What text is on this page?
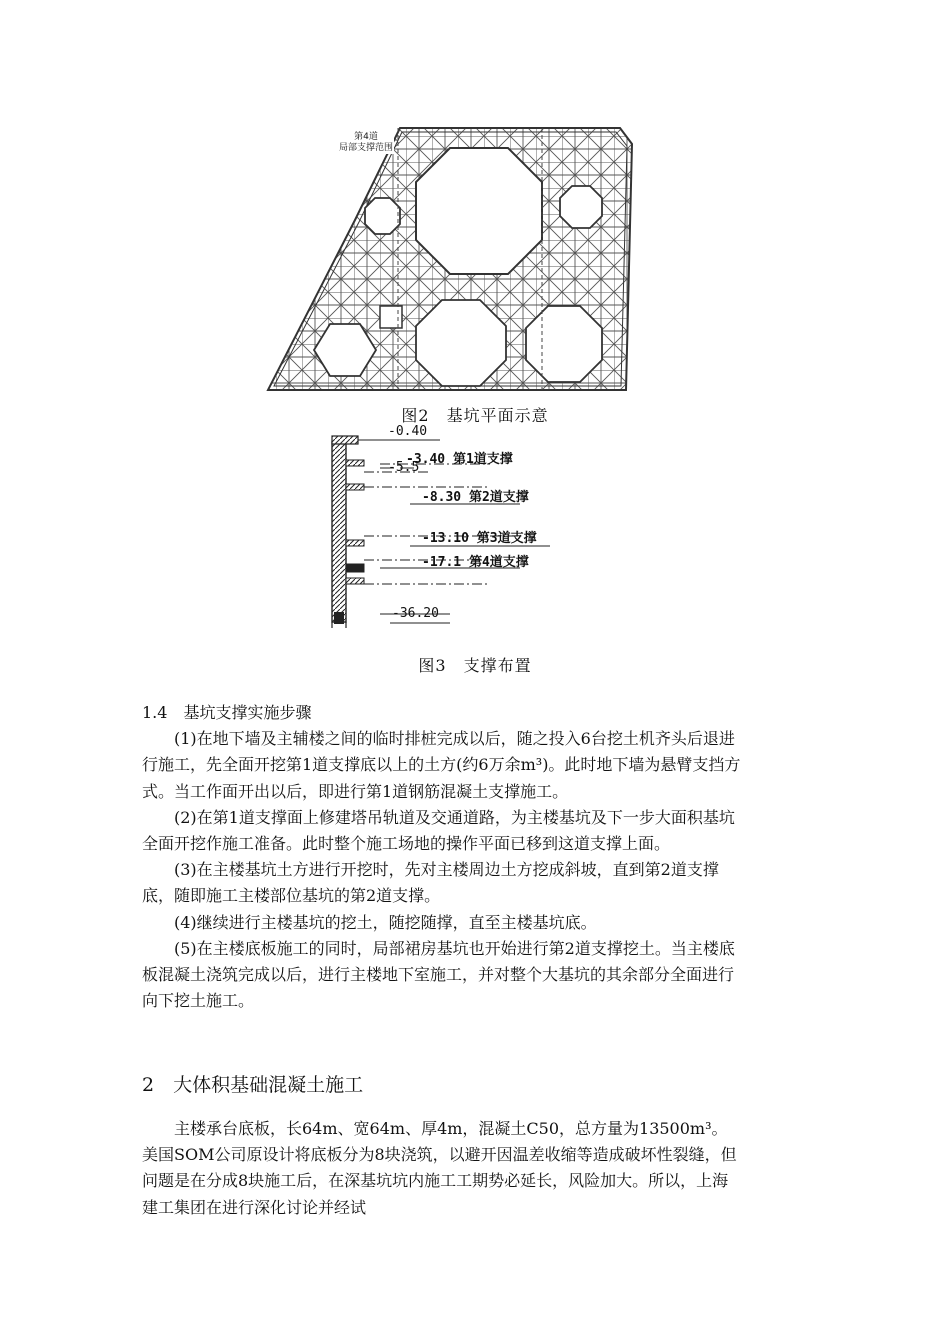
第4道
局部支撑范围
图2　基坑平面示意
-0.40
-3.40 第1道支撑
-5.5
-8.30 第2道支撑
-13.10 第3道支撑
-17.1 第4道支撑
-36.20
图3　支撑布置

1.4　基坑支撑实施步骤

(1)在地下墙及主辅楼之间的临时排桩完成以后，随之投入6台挖土机齐头后退进行施工，先全面开挖第1道支撑底以上的土方(约6万余m³)。此时地下墙为悬臂支挡方式。当工作面开出以后，即进行第1道钢筋混凝土支撑施工。

(2)在第1道支撑面上修建塔吊轨道及交通道路，为主楼基坑及下一步大面积基坑全面开挖作施工准备。此时整个施工场地的操作平面已移到这道支撑上面。

(3)在主楼基坑土方进行开挖时，先对主楼周边土方挖成斜坡，直到第2道支撑底，随即施工主楼部位基坑的第2道支撑。

(4)继续进行主楼基坑的挖土，随挖随撑，直至主楼基坑底。

(5)在主楼底板施工的同时，局部裙房基坑也开始进行第2道支撑挖土。当主楼底板混凝土浇筑完成以后，进行主楼地下室施工，并对整个大基坑的其余部分全面进行向下挖土施工。

2　大体积基础混凝土施工

主楼承台底板，长64m、宽64m、厚4m，混凝土C50，总方量为13500m³。美国SOM公司原设计将底板分为8块浇筑，以避开因温差收缩等造成破坏性裂缝，但问题是在分成8块施工后，在深基坑坑内施工工期势必延长，风险加大。所以，上海建工集团在进行深化讨论并经试
